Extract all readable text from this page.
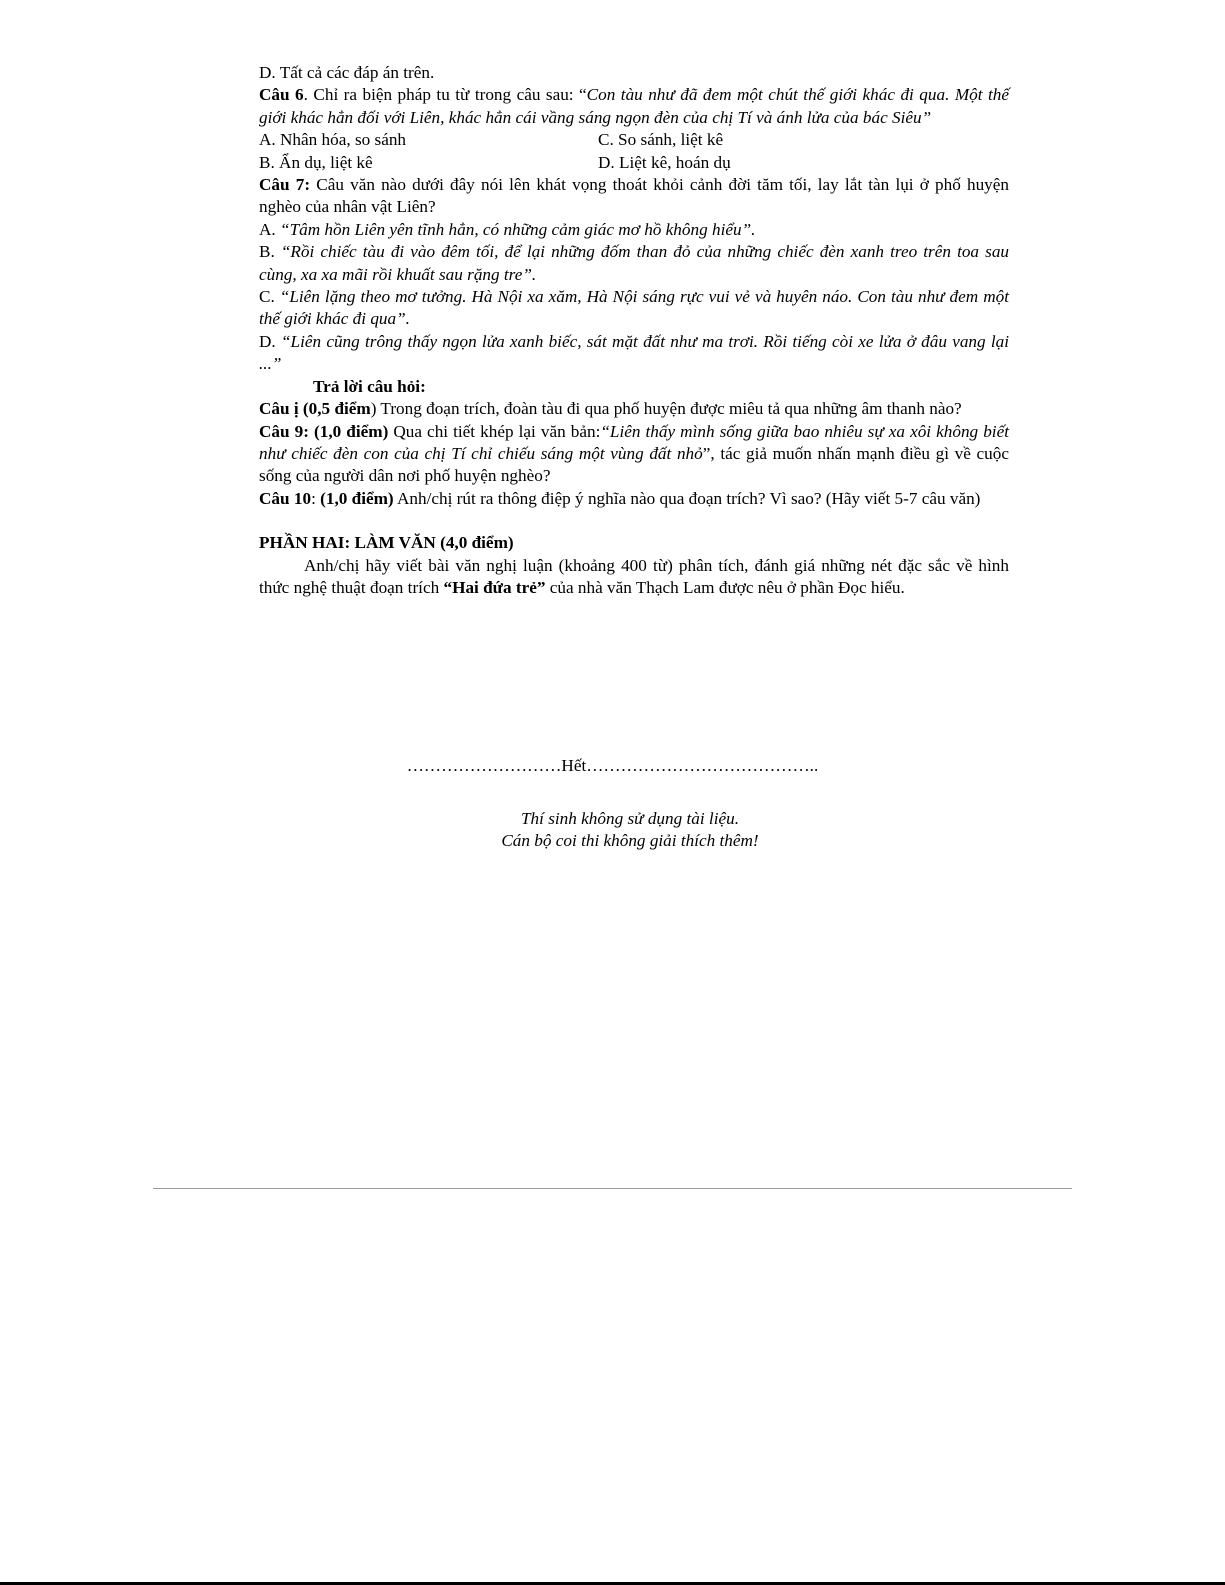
D. Tất cả các đáp án trên.

Câu 6. Chỉ ra biện pháp tu từ trong câu sau: “Con tàu như đã đem một chút thế giới khác đi qua. Một thế giới khác hẳn đối với Liên, khác hẳn cái vầng sáng ngọn đèn của chị Tí và ánh lửa của bác Siêu”

A. Nhân hóa, so sánh	C. So sánh, liệt kê
B. Ẩn dụ, liệt kê	D. Liệt kê, hoán dụ

Câu 7: Câu văn nào dưới đây nói lên khát vọng thoát khỏi cảnh đời tăm tối, lay lắt tàn lụi ở phố huyện nghèo của nhân vật Liên?

A. “Tâm hồn Liên yên tĩnh hẳn, có những cảm giác mơ hồ không hiểu”.

B. “Rồi chiếc tàu đi vào đêm tối, để lại những đốm than đỏ của những chiếc đèn xanh treo trên toa sau cùng, xa xa mãi rồi khuất sau rặng tre”.

C. “Liên lặng theo mơ tưởng. Hà Nội xa xăm, Hà Nội sáng rực vui vẻ và huyên náo. Con tàu như đem một thế giới khác đi qua”.

D. “Liên cũng trông thấy ngọn lửa xanh biếc, sát mặt đất như ma trơi. Rồi tiếng còi xe lửa ở đâu vang lại ...”

Trả lời câu hỏi:

Câu ị (0,5 điểm) Trong đoạn trích, đoàn tàu đi qua phố huyện được miêu tả qua những âm thanh nào?

Câu 9: (1,0 điểm) Qua chi tiết khép lại văn bản:“Liên thấy mình sống giữa bao nhiêu sự xa xôi không biết như chiếc đèn con của chị Tí chỉ chiếu sáng một vùng đất nhỏ”, tác giả muốn nhấn mạnh điều gì về cuộc sống của người dân nơi phố huyện nghèo?

Câu 10: (1,0 điểm) Anh/chị rút ra thông điệp ý nghĩa nào qua đoạn trích? Vì sao? (Hãy viết 5-7 câu văn)

PHẦN HAI: LÀM VĂN (4,0 điểm)

Anh/chị hãy viết bài văn nghị luận (khoảng 400 từ) phân tích, đánh giá những nét đặc sắc về hình thức nghệ thuật đoạn trích “Hai đứa trẻ” của nhà văn Thạch Lam được nêu ở phần Đọc hiểu.

………………………Hết…………………………………..

Thí sinh không sử dụng tài liệu.

Cán bộ coi thi không giải thích thêm!
